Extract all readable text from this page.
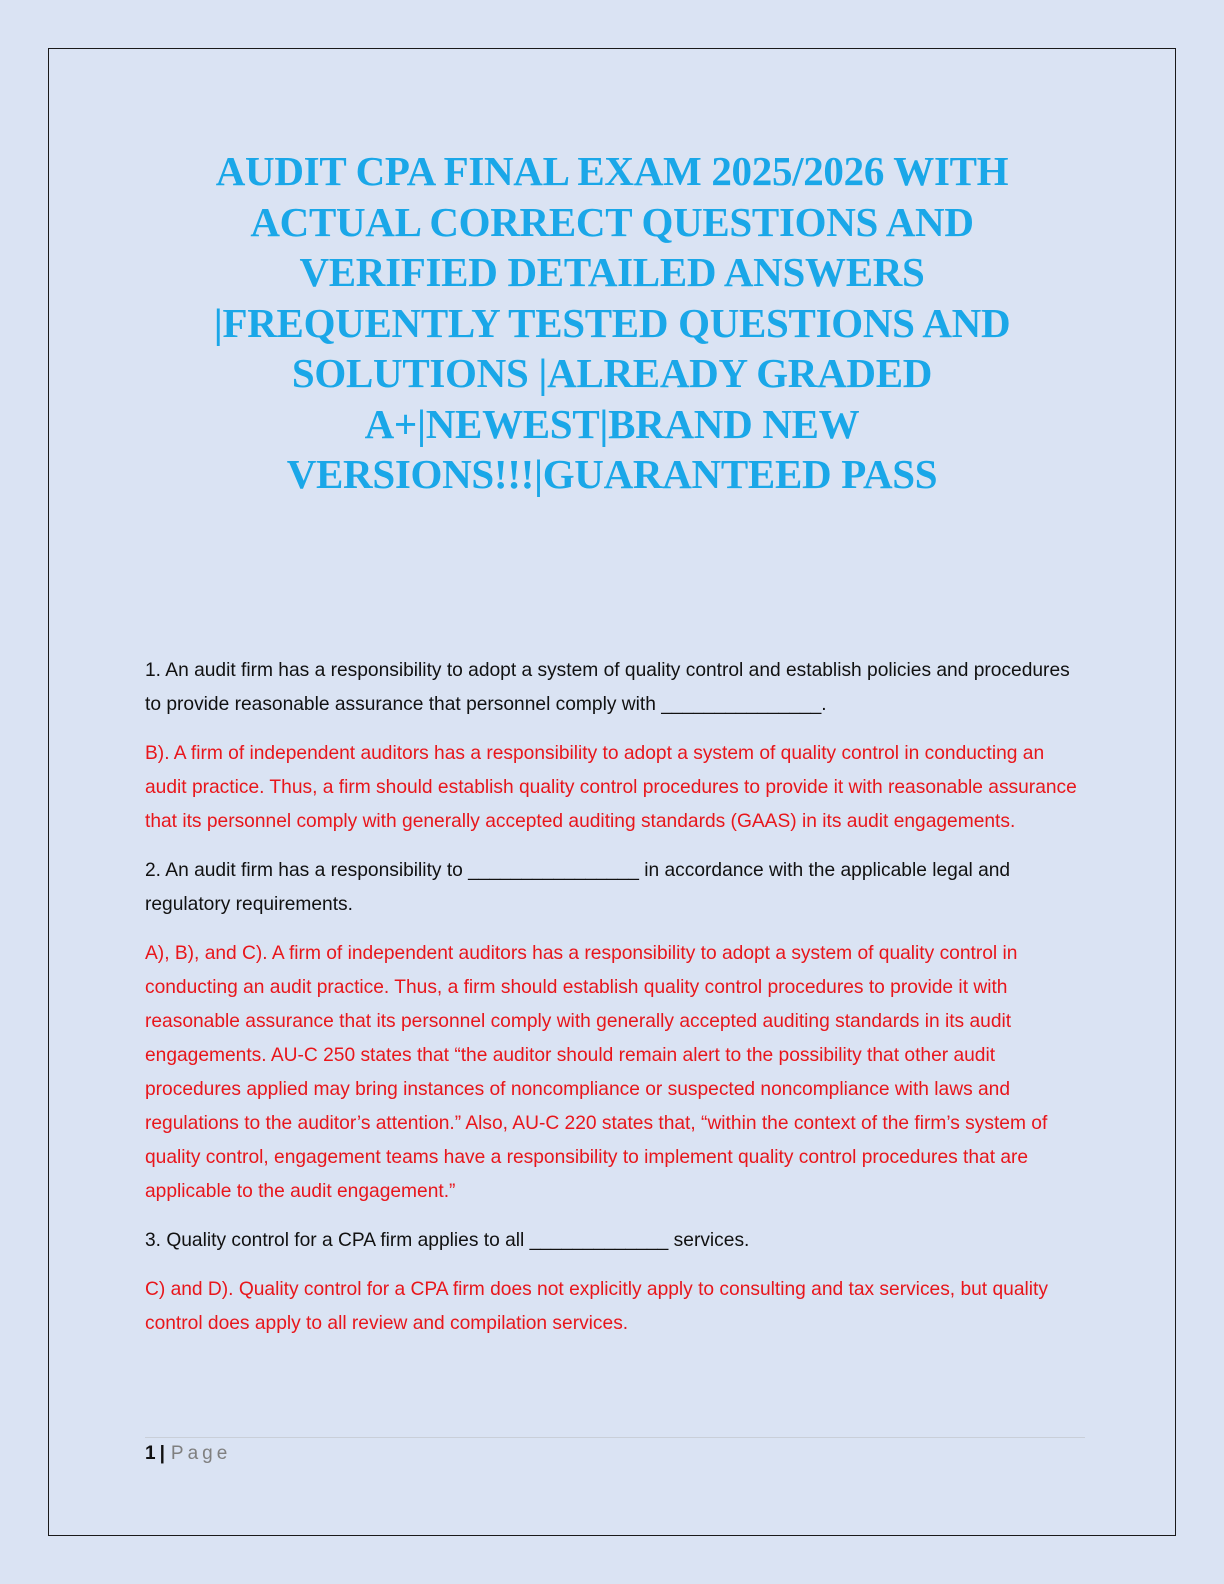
AUDIT CPA FINAL EXAM 2025/2026 WITH
ACTUAL CORRECT QUESTIONS AND
VERIFIED DETAILED ANSWERS
|FREQUENTLY TESTED QUESTIONS AND
SOLUTIONS |ALREADY GRADED
A+|NEWEST|BRAND NEW
VERSIONS!!!|GUARANTEED PASS

1. An audit firm has a responsibility to adopt a system of quality control and establish policies and procedures to provide reasonable assurance that personnel comply with _______________.

B). A firm of independent auditors has a responsibility to adopt a system of quality control in conducting an audit practice. Thus, a firm should establish quality control procedures to provide it with reasonable assurance that its personnel comply with generally accepted auditing standards (GAAS) in its audit engagements.

2. An audit firm has a responsibility to ________________ in accordance with the applicable legal and regulatory requirements.

A), B), and C). A firm of independent auditors has a responsibility to adopt a system of quality control in conducting an audit practice. Thus, a firm should establish quality control procedures to provide it with reasonable assurance that its personnel comply with generally accepted auditing standards in its audit engagements. AU-C 250 states that “the auditor should remain alert to the possibility that other audit procedures applied may bring instances of noncompliance or suspected noncompliance with laws and regulations to the auditor’s attention.” Also, AU-C 220 states that, “within the context of the firm’s system of quality control, engagement teams have a responsibility to implement quality control procedures that are applicable to the audit engagement.”

3. Quality control for a CPA firm applies to all _____________ services.

C) and D). Quality control for a CPA firm does not explicitly apply to consulting and tax services, but quality control does apply to all review and compilation services.

1 | Page
